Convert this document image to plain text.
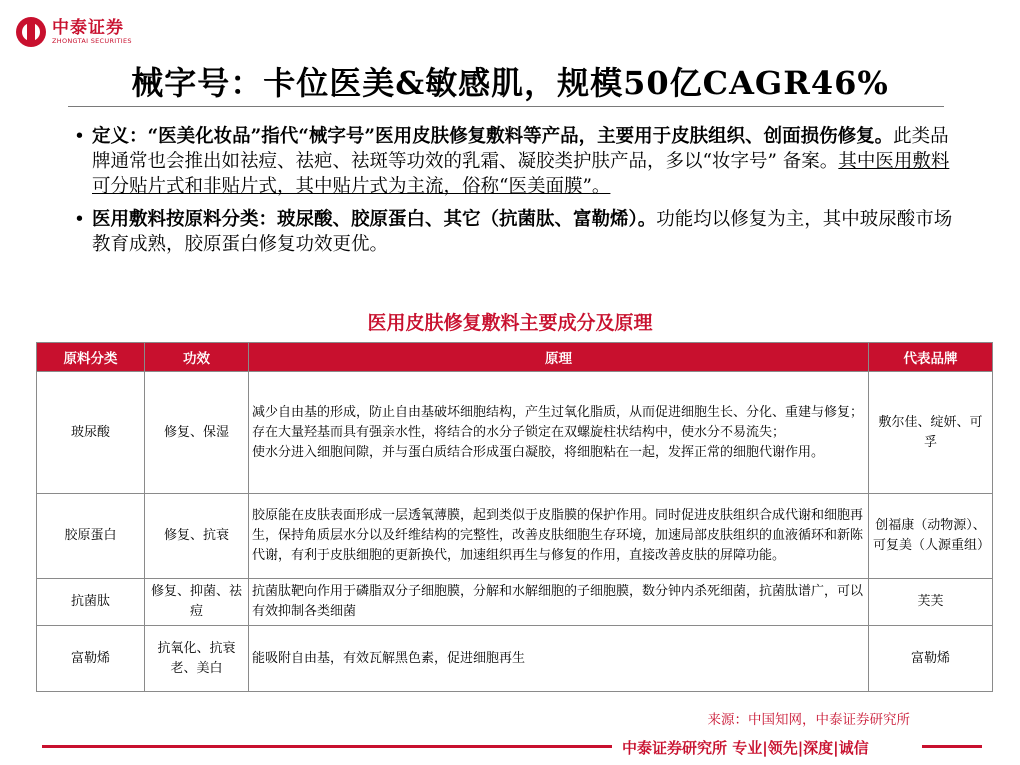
中泰证券
ZHONGTAI SECURITIES
械字号：卡位医美&敏感肌，规模50亿CAGR46%
• 定义：“医美化妆品”指代“械字号”医用皮肤修复敷料等产品，主要用于皮肤组织、创面损伤修复。此类品牌通常也会推出如祛痘、祛疤、祛斑等功效的乳霜、凝胶类护肤产品，多以“妆字号” 备案。其中医用敷料可分贴片式和非贴片式，其中贴片式为主流，俗称“医美面膜”。
• 医用敷料按原料分类：玻尿酸、胶原蛋白、其它（抗菌肽、富勒烯）。功能均以修复为主，其中玻尿酸市场教育成熟，胶原蛋白修复功效更优。
医用皮肤修复敷料主要成分及原理
原料分类	功效	原理	代表品牌
玻尿酸	修复、保湿	减少自由基的形成，防止自由基破坏细胞结构，产生过氧化脂质，从而促进细胞生长、分化、重建与修复；
存在大量羟基而具有强亲水性，将结合的水分子锁定在双螺旋柱状结构中，使水分不易流失；
使水分进入细胞间隙，并与蛋白质结合形成蛋白凝胶，将细胞粘在一起，发挥正常的细胞代谢作用。	敷尔佳、绽妍、可孚
胶原蛋白	修复、抗衰	胶原能在皮肤表面形成一层透氧薄膜，起到类似于皮脂膜的保护作用。同时促进皮肤组织合成代谢和细胞再生，保持角质层水分以及纤维结构的完整性，改善皮肤细胞生存环境，加速局部皮肤组织的血液循环和新陈代谢，有利于皮肤细胞的更新换代，加速组织再生与修复的作用，直接改善皮肤的屏障功能。	创福康（动物源）、可复美（人源重组）
抗菌肽	修复、抑菌、祛痘	抗菌肽靶向作用于磷脂双分子细胞膜，分解和水解细胞的子细胞膜，数分钟内杀死细菌，抗菌肽谱广，可以有效抑制各类细菌	芙芙
富勒烯	抗氧化、抗衰老、美白	能吸附自由基，有效瓦解黑色素，促进细胞再生	富勒烯
来源：中国知网，中泰证券研究所
中泰证券研究所 专业|领先|深度|诚信
